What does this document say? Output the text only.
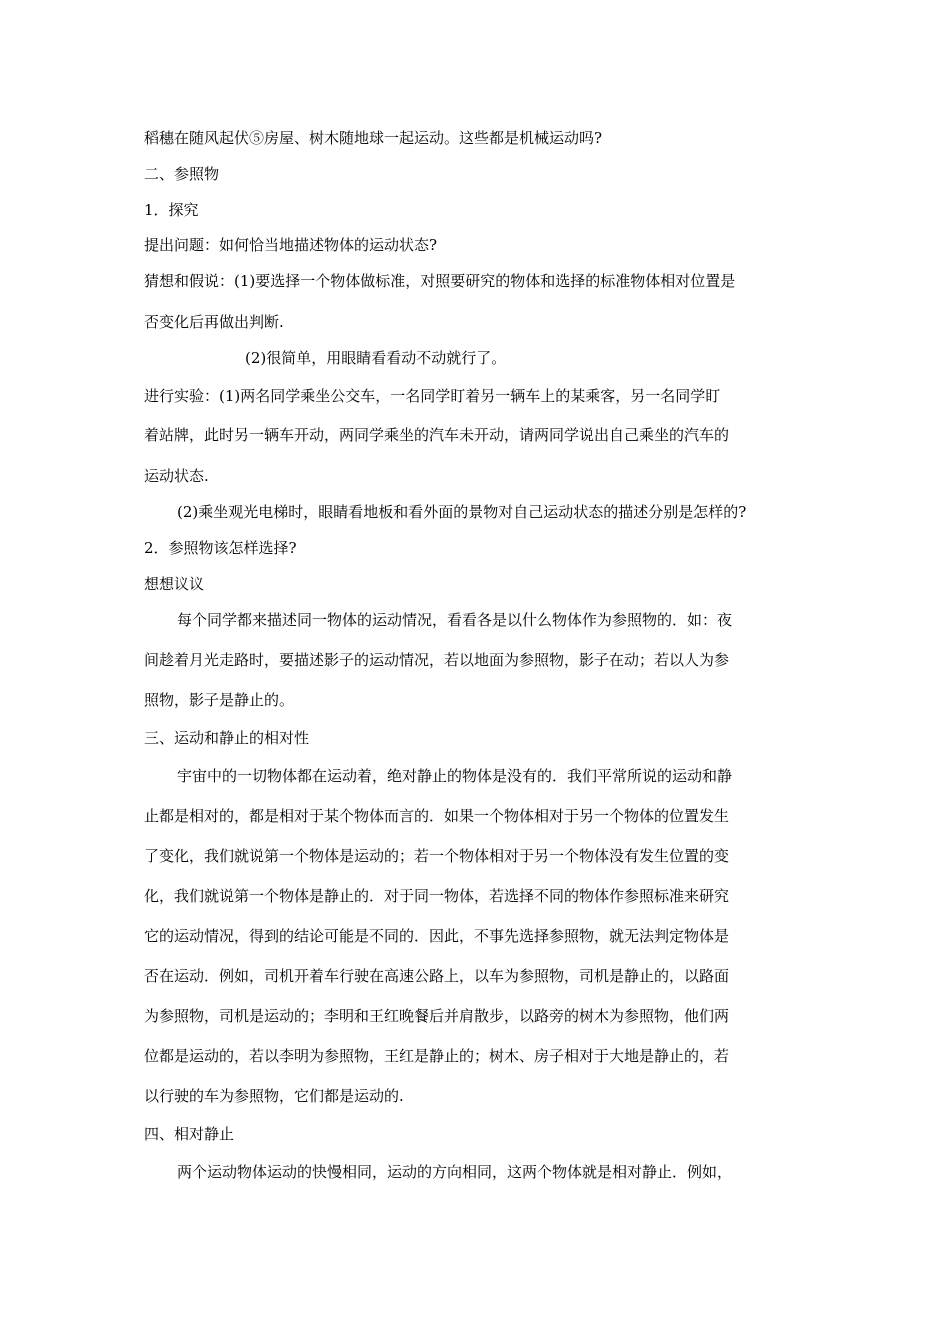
稻穗在随风起伏⑤房屋、树木随地球一起运动。这些都是机械运动吗?

二、参照物

1．探究

提出问题：如何恰当地描述物体的运动状态?

猜想和假说：(1)要选择一个物体做标准，对照要研究的物体和选择的标准物体相对位置是

否变化后再做出判断.

(2)很简单，用眼睛看看动不动就行了。

进行实验：(1)两名同学乘坐公交车，一名同学盯着另一辆车上的某乘客，另一名同学盯

着站牌，此时另一辆车开动，两同学乘坐的汽车未开动，请两同学说出自己乘坐的汽车的

运动状态.

(2)乘坐观光电梯时，眼睛看地板和看外面的景物对自己运动状态的描述分别是怎样的?

2．参照物该怎样选择?

想想议议

每个同学都来描述同一物体的运动情况，看看各是以什么物体作为参照物的．如：夜

间趁着月光走路时，要描述影子的运动情况，若以地面为参照物，影子在动；若以人为参

照物，影子是静止的。

三、运动和静止的相对性

宇宙中的一切物体都在运动着，绝对静止的物体是没有的．我们平常所说的运动和静

止都是相对的，都是相对于某个物体而言的．如果一个物体相对于另一个物体的位置发生

了变化，我们就说第一个物体是运动的；若一个物体相对于另一个物体没有发生位置的变

化，我们就说第一个物体是静止的．对于同一物体，若选择不同的物体作参照标准来研究

它的运动情况，得到的结论可能是不同的．因此，不事先选择参照物，就无法判定物体是

否在运动．例如，司机开着车行驶在高速公路上，以车为参照物，司机是静止的，以路面

为参照物，司机是运动的；李明和王红晚餐后并肩散步，以路旁的树木为参照物，他们两

位都是运动的，若以李明为参照物，王红是静止的；树木、房子相对于大地是静止的，若

以行驶的车为参照物，它们都是运动的.

四、相对静止

两个运动物体运动的快慢相同，运动的方向相同，这两个物体就是相对静止．例如，
